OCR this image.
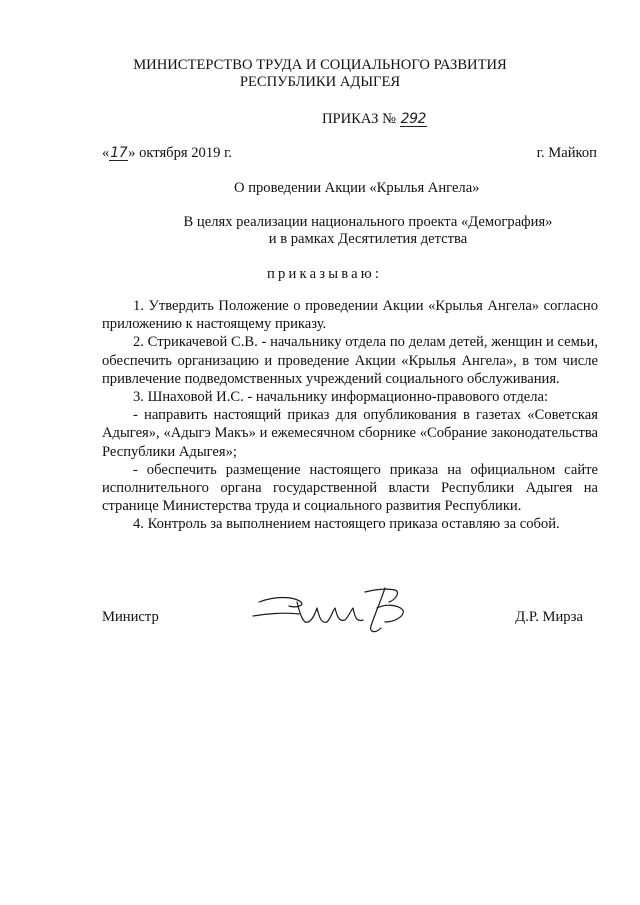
МИНИСТЕРСТВО ТРУДА И СОЦИАЛЬНОГО РАЗВИТИЯ
РЕСПУБЛИКИ АДЫГЕЯ
ПРИКАЗ № 292
«17» октября 2019 г.	г. Майкоп
О проведении Акции «Крылья Ангела»
В целях реализации национального проекта «Демография»
и в рамках Десятилетия детства
приказываю:
1. Утвердить Положение о проведении Акции «Крылья Ангела» согласно приложению к настоящему приказу.
2. Стрикачевой С.В. - начальнику отдела по делам детей, женщин и семьи, обеспечить организацию и проведение Акции «Крылья Ангела», в том числе привлечение подведомственных учреждений социального обслуживания.
3. Шнаховой И.С. - начальнику информационно-правового отдела:
- направить настоящий приказ для опубликования в газетах «Советская Адыгея», «Адыгэ Макъ» и ежемесячном сборнике «Собрание законодательства Республики Адыгея»;
- обеспечить размещение настоящего приказа на официальном сайте исполнительного органа государственной власти Республики Адыгея на странице Министерства труда и социального развития Республики.
4. Контроль за выполнением настоящего приказа оставляю за собой.
Министр	Д.Р. Мирза
